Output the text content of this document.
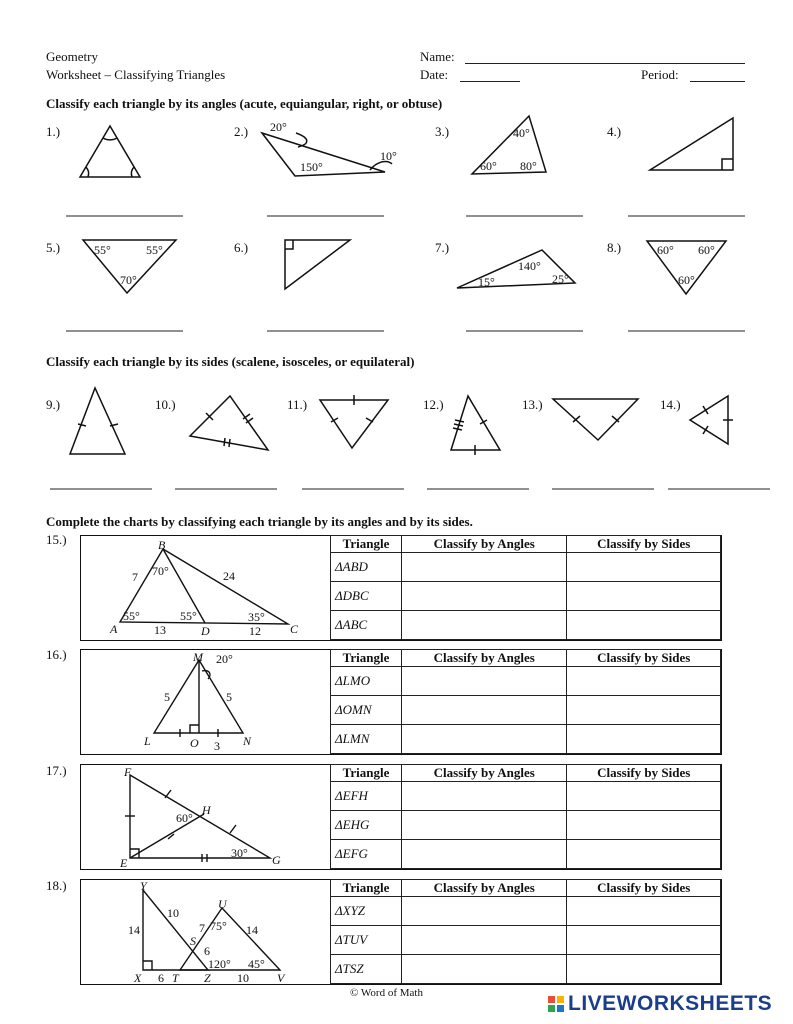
Geometry
Worksheet – Classifying Triangles
Name:
Date:	Period:
Classify each triangle by its angles (acute, equiangular, right, or obtuse)
1.)	2.)	3.)	4.)
5.)	6.)	7.)	8.)
20°
150°
10°
40°
60° 80°
55°	55°
70°
140°
15°	25°
60° 60°
60°
Classify each triangle by its sides (scalene, isosceles, or equilateral)
9.)	10.)	11.)	12.)	13.)	14.)
Complete the charts by classifying each triangle by its angles and by its sides.
15.)	B
A	D	C
7	24
13	12
70°
55°	55°	35°
Triangle	Classify by Angles	Classify by Sides
ΔABD		
ΔDBC		
ΔABC		
16.)	M
L	O	N
5	5
3
20°	Triangle	Classify by Angles	Classify by Sides
ΔLMO		
ΔOMN		
ΔLMN		
17.)	F
H
E	G
60°
30°
Triangle	Classify by Angles	Classify by Sides
ΔEFH		
ΔEHG		
ΔEFG		
18.)	Y
U
S
X	T Z	V
10
14	7	14
6
6
10
75°
120° 45°
Triangle	Classify by Angles	Classify by Sides
ΔXYZ		
ΔTUV		
ΔTSZ		
© Word of Math	LIVEWORKSHEETS
